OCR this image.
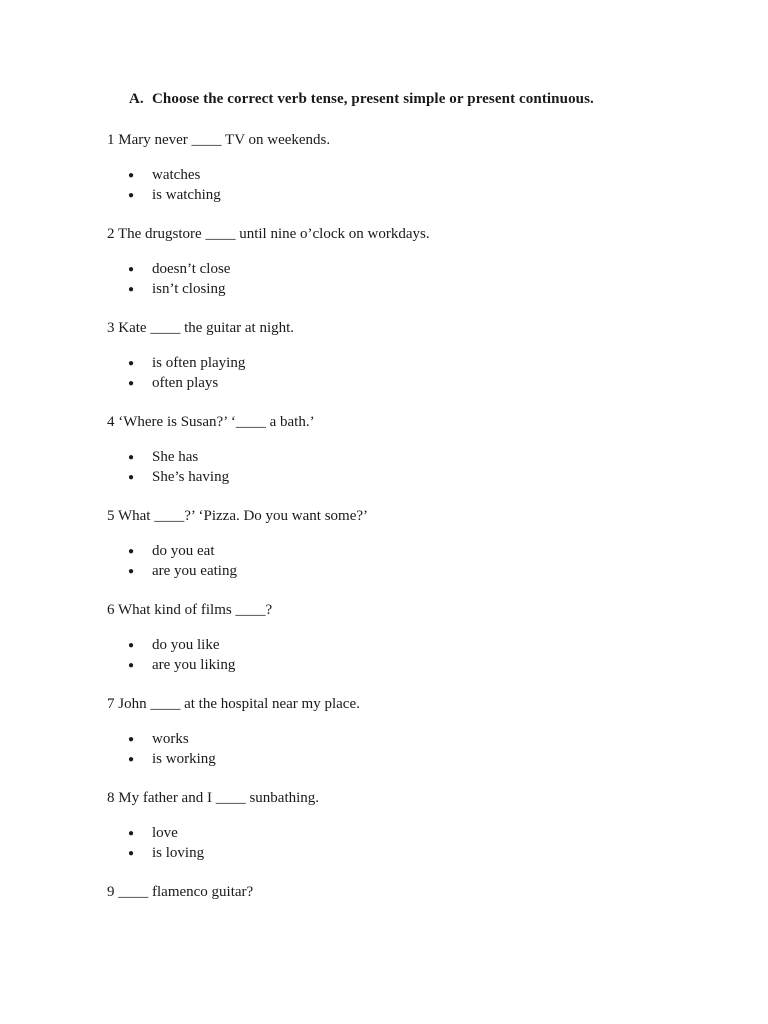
A. Choose the correct verb tense, present simple or present continuous.
1 Mary never ____ TV on weekends.
● watches
● is watching
2 The drugstore ____ until nine o’clock on workdays.
● doesn’t close
● isn’t closing
3 Kate ____ the guitar at night.
● is often playing
● often plays
4 ‘Where is Susan?’ ‘____ a bath.’
● She has
● She’s having
5 What ____?’ ‘Pizza. Do you want some?’
● do you eat
● are you eating
6 What kind of films ____?
● do you like
● are you liking
7 John ____ at the hospital near my place.
● works
● is working
8 My father and I ____ sunbathing.
● love
● is loving
9 ____ flamenco guitar?
